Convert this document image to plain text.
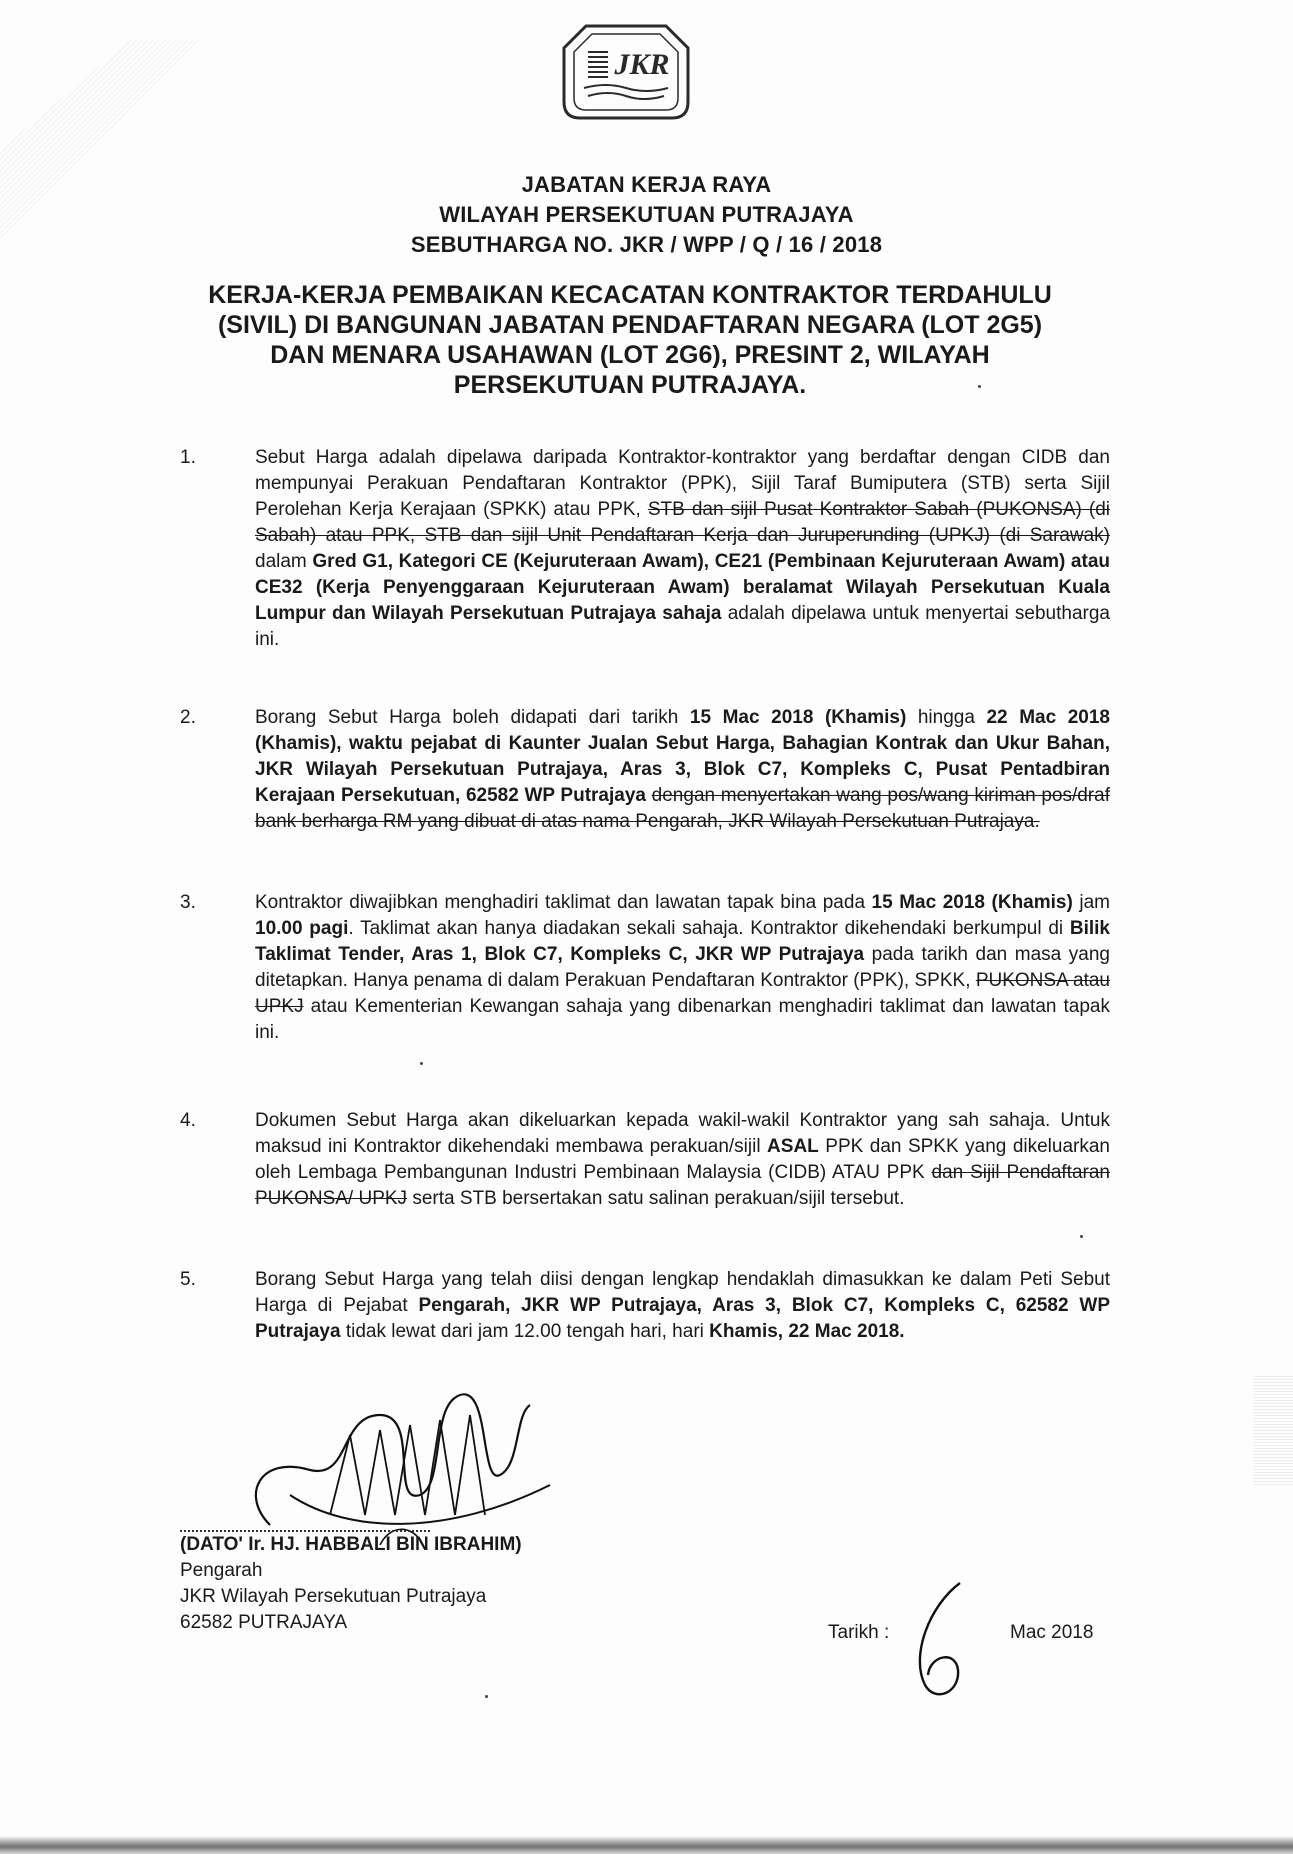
JKR
JABATAN KERJA RAYA
WILAYAH PERSEKUTUAN PUTRAJAYA
SEBUTHARGA NO. JKR / WPP / Q / 16 / 2018
KERJA-KERJA PEMBAIKAN KECACATAN KONTRAKTOR TERDAHULU
(SIVIL) DI BANGUNAN JABATAN PENDAFTARAN NEGARA (LOT 2G5)
DAN MENARA USAHAWAN (LOT 2G6), PRESINT 2, WILAYAH
PERSEKUTUAN PUTRAJAYA.
1.	Sebut Harga adalah dipelawa daripada Kontraktor-kontraktor yang berdaftar dengan CIDB dan mempunyai Perakuan Pendaftaran Kontraktor (PPK), Sijil Taraf Bumiputera (STB) serta Sijil Perolehan Kerja Kerajaan (SPKK) atau PPK, STB dan sijil Pusat Kontraktor Sabah (PUKONSA) (di Sabah) atau PPK, STB dan sijil Unit Pendaftaran Kerja dan Juruperunding (UPKJ) (di Sarawak) dalam Gred G1, Kategori CE (Kejuruteraan Awam), CE21 (Pembinaan Kejuruteraan Awam) atau CE32 (Kerja Penyenggaraan Kejuruteraan Awam) beralamat Wilayah Persekutuan Kuala Lumpur dan Wilayah Persekutuan Putrajaya sahaja adalah dipelawa untuk menyertai sebutharga ini.
2.	Borang Sebut Harga boleh didapati dari tarikh 15 Mac 2018 (Khamis) hingga 22 Mac 2018 (Khamis), waktu pejabat di Kaunter Jualan Sebut Harga, Bahagian Kontrak dan Ukur Bahan, JKR Wilayah Persekutuan Putrajaya, Aras 3, Blok C7, Kompleks C, Pusat Pentadbiran Kerajaan Persekutuan, 62582 WP Putrajaya dengan menyertakan wang pos/wang kiriman pos/draf bank berharga RM yang dibuat di atas nama Pengarah, JKR Wilayah Persekutuan Putrajaya.
3.	Kontraktor diwajibkan menghadiri taklimat dan lawatan tapak bina pada 15 Mac 2018 (Khamis) jam 10.00 pagi. Taklimat akan hanya diadakan sekali sahaja. Kontraktor dikehendaki berkumpul di Bilik Taklimat Tender, Aras 1, Blok C7, Kompleks C, JKR WP Putrajaya pada tarikh dan masa yang ditetapkan. Hanya penama di dalam Perakuan Pendaftaran Kontraktor (PPK), SPKK, PUKONSA atau UPKJ atau Kementerian Kewangan sahaja yang dibenarkan menghadiri taklimat dan lawatan tapak ini.
4.	Dokumen Sebut Harga akan dikeluarkan kepada wakil-wakil Kontraktor yang sah sahaja. Untuk maksud ini Kontraktor dikehendaki membawa perakuan/sijil ASAL PPK dan SPKK yang dikeluarkan oleh Lembaga Pembangunan Industri Pembinaan Malaysia (CIDB) ATAU PPK dan Sijil Pendaftaran PUKONSA/ UPKJ serta STB bersertakan satu salinan perakuan/sijil tersebut.
5.	Borang Sebut Harga yang telah diisi dengan lengkap hendaklah dimasukkan ke dalam Peti Sebut Harga di Pejabat Pengarah, JKR WP Putrajaya, Aras 3, Blok C7, Kompleks C, 62582 WP Putrajaya tidak lewat dari jam 12.00 tengah hari, hari Khamis, 22 Mac 2018.
(DATO' Ir. HJ. HABBALI BIN IBRAHIM)
Pengarah
JKR Wilayah Persekutuan Putrajaya
62582 PUTRAJAYA	Tarikh :	Mac 2018
